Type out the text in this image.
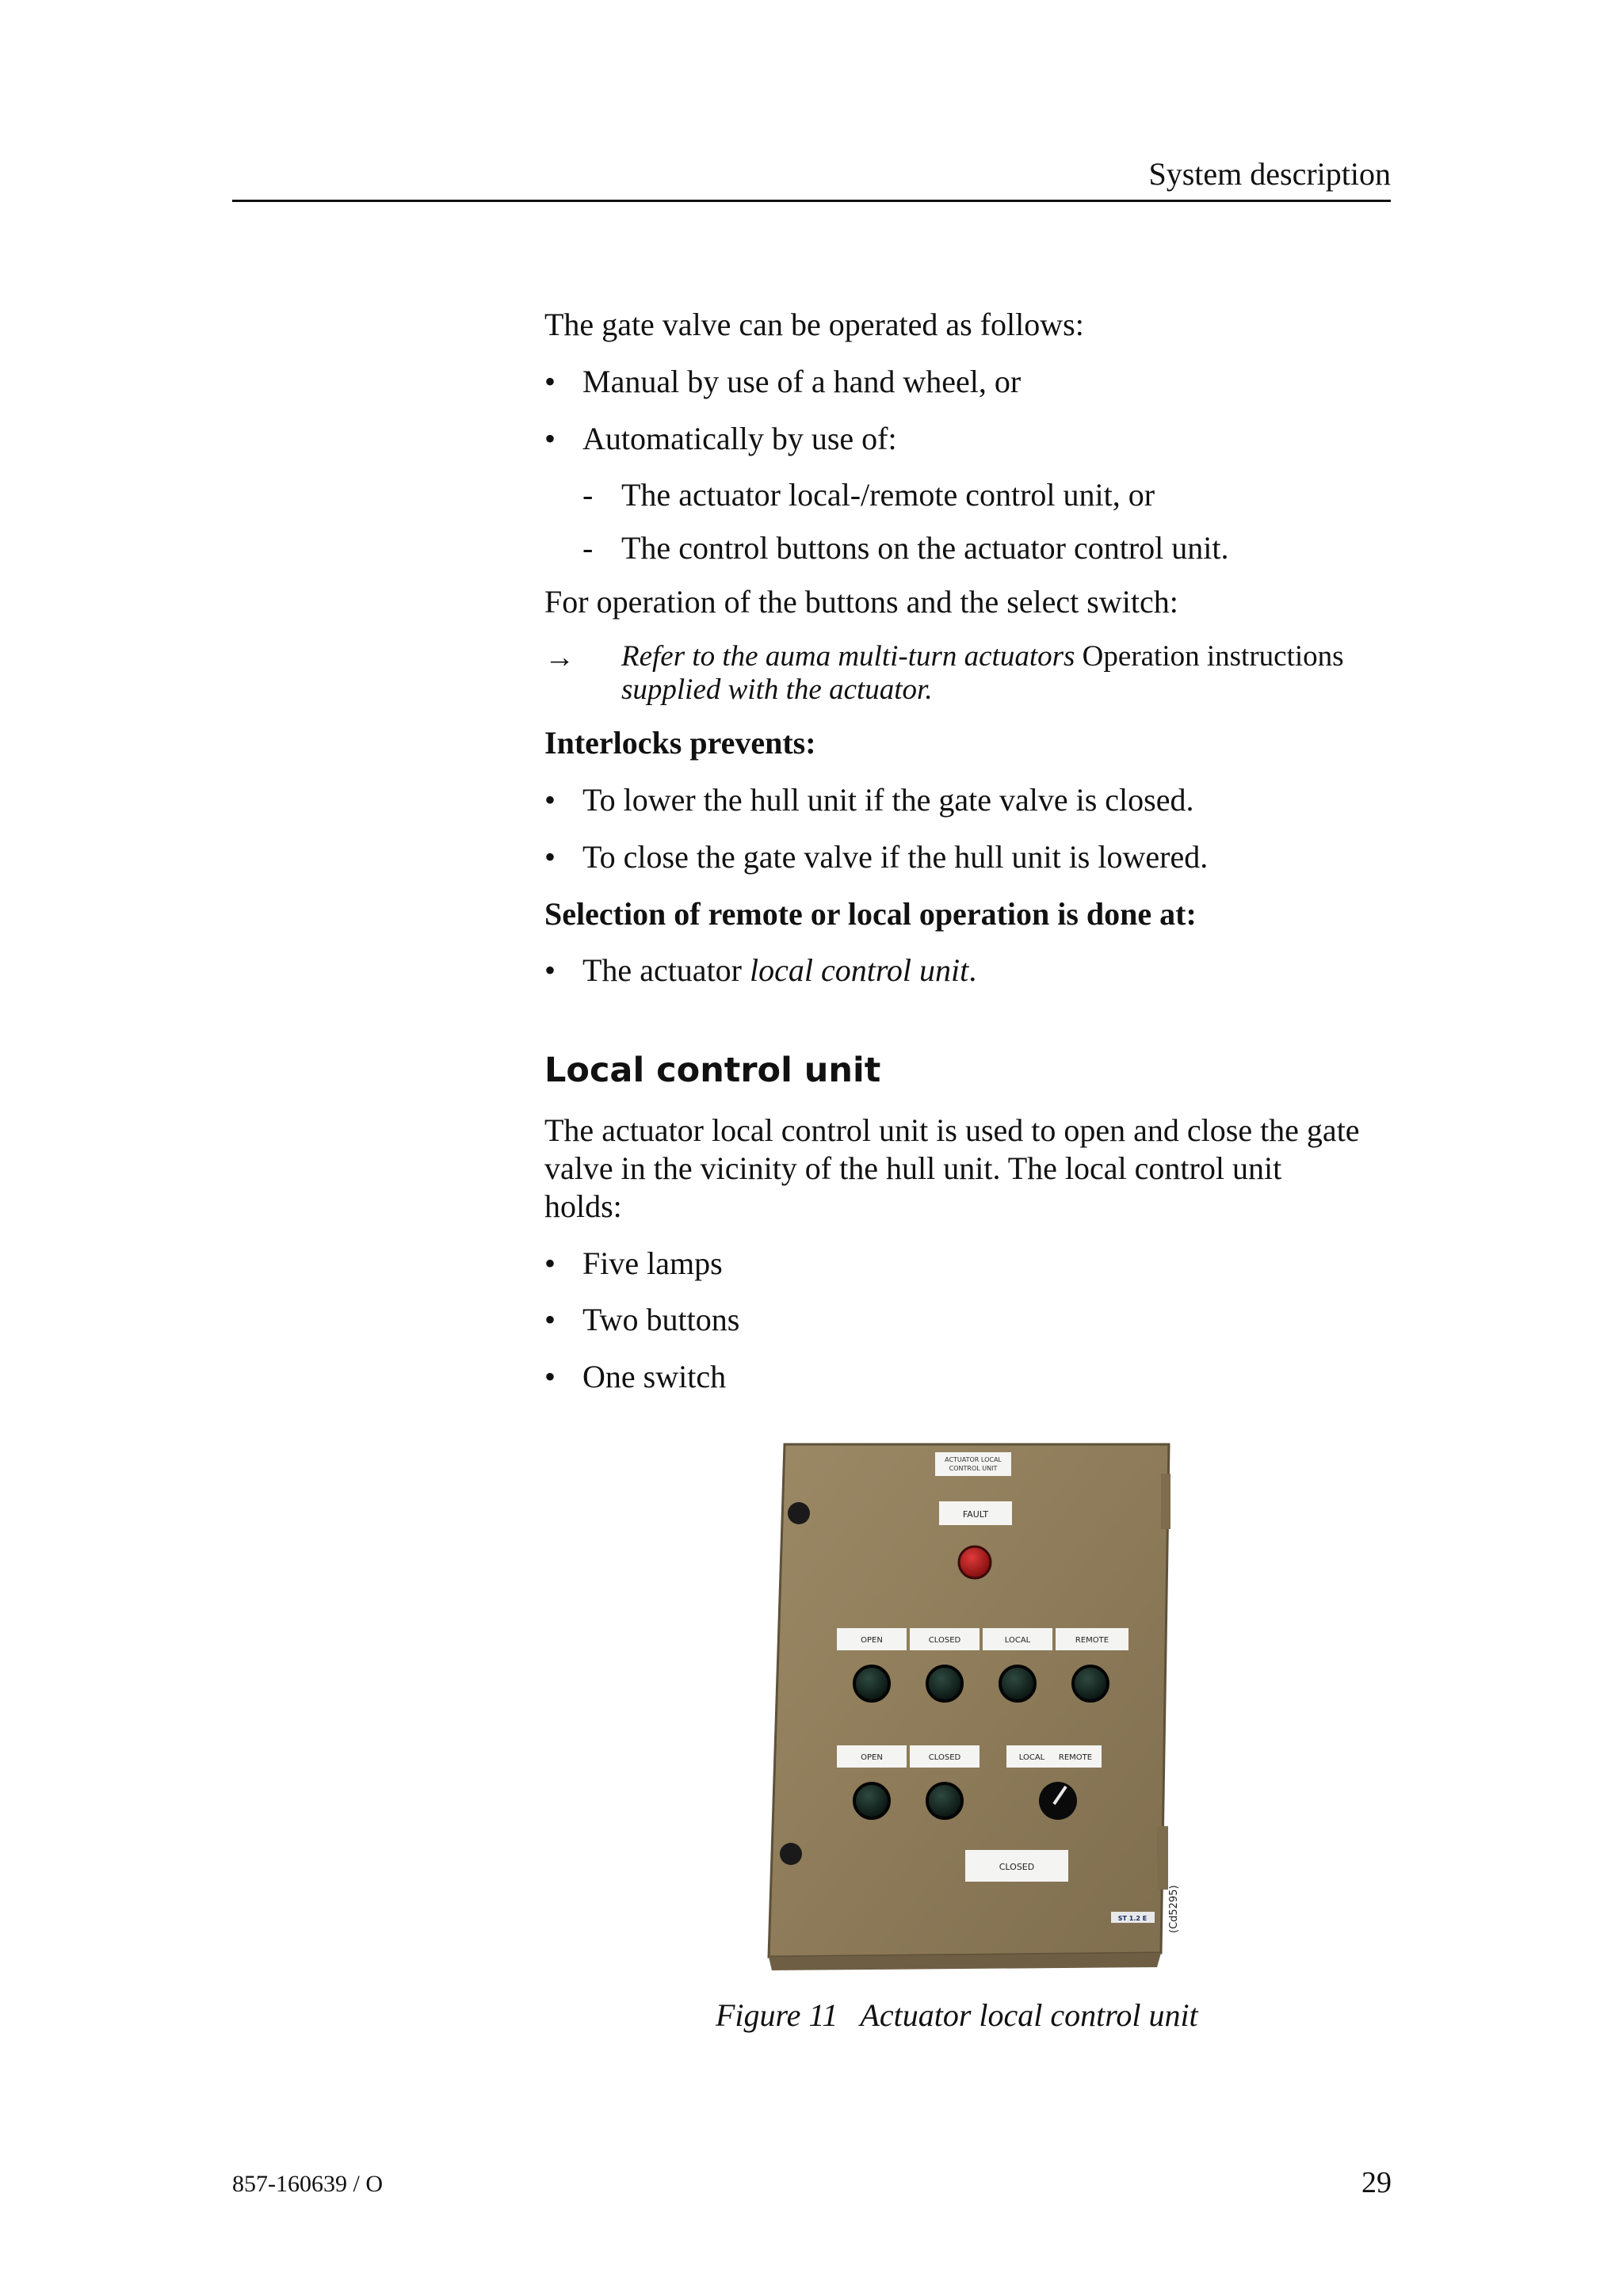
System description
The gate valve can be operated as follows:
• Manual by use of a hand wheel, or
• Automatically by use of:
- The actuator local-/remote control unit, or
- The control buttons on the actuator control unit.
For operation of the buttons and the select switch:
→ Refer to the auma multi-turn actuators Operation instructions
supplied with the actuator.
Interlocks prevents:
• To lower the hull unit if the gate valve is closed.
• To close the gate valve if the hull unit is lowered.
Selection of remote or local operation is done at:
• The actuator local control unit.
Local control unit
The actuator local control unit is used to open and close the gate
valve in the vicinity of the hull unit. The local control unit
holds:
• Five lamps
• Two buttons
• One switch
ACTUATOR LOCAL
CONTROL UNIT
FAULT
OPEN	CLOSED	LOCAL	REMOTE
OPEN	CLOSED	LOCAL REMOTE
CLOSED
ST 1.2 E (Cd5295)
Figure 11 Actuator local control unit
857-160639 / O	29
